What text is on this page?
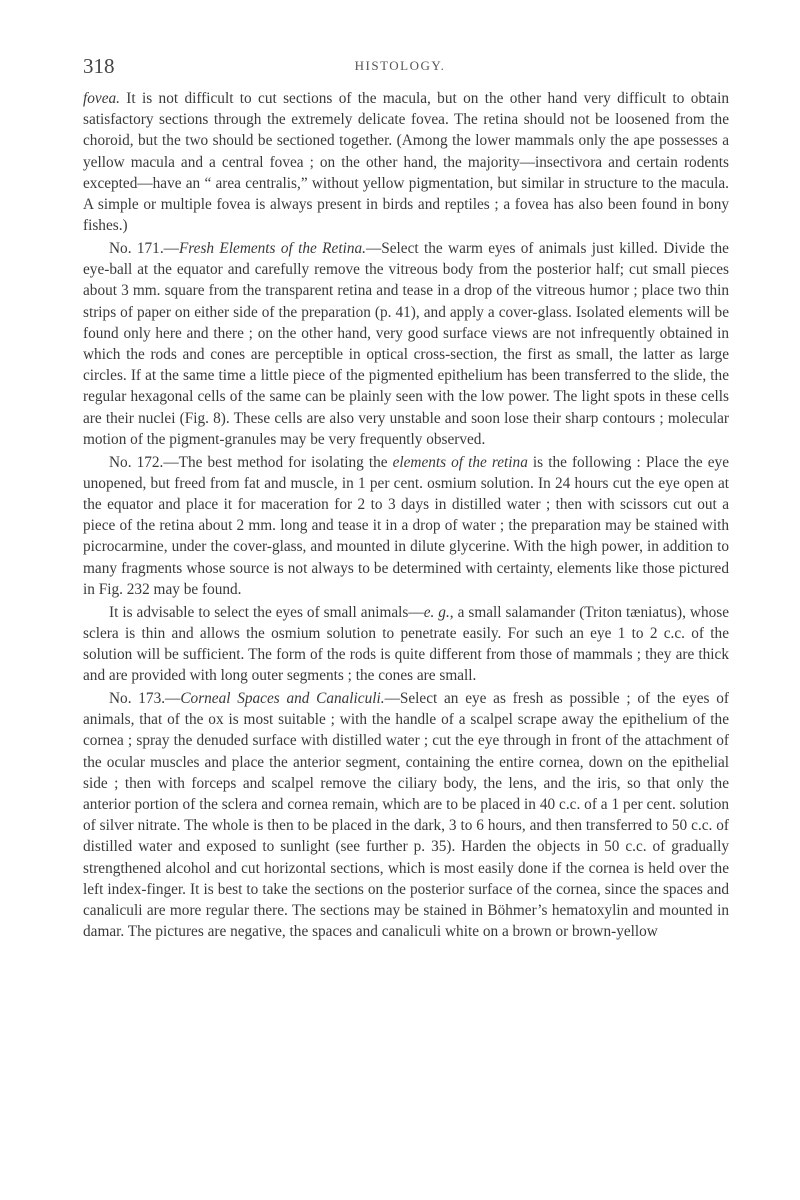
318	HISTOLOGY.

fovea. It is not difficult to cut sections of the macula, but on the other hand very difficult to obtain satisfactory sections through the extremely delicate fovea. The retina should not be loosened from the choroid, but the two should be sectioned together. (Among the lower mammals only the ape possesses a yellow macula and a central fovea ; on the other hand, the majority—insectivora and certain rodents excepted—have an “ area centralis,” without yellow pigmentation, but similar in structure to the macula. A simple or multiple fovea is always present in birds and reptiles ; a fovea has also been found in bony fishes.)

No. 171.—Fresh Elements of the Retina.—Select the warm eyes of animals just killed. Divide the eye-ball at the equator and carefully remove the vitreous body from the posterior half; cut small pieces about 3 mm. square from the transparent retina and tease in a drop of the vitreous humor ; place two thin strips of paper on either side of the preparation (p. 41), and apply a cover-glass. Isolated elements will be found only here and there ; on the other hand, very good surface views are not infrequently obtained in which the rods and cones are perceptible in optical cross-section, the first as small, the latter as large circles. If at the same time a little piece of the pigmented epithelium has been transferred to the slide, the regular hexagonal cells of the same can be plainly seen with the low power. The light spots in these cells are their nuclei (Fig. 8). These cells are also very unstable and soon lose their sharp contours ; molecular motion of the pigment-granules may be very frequently observed.

No. 172.—The best method for isolating the elements of the retina is the following : Place the eye unopened, but freed from fat and muscle, in 1 per cent. osmium solution. In 24 hours cut the eye open at the equator and place it for maceration for 2 to 3 days in distilled water ; then with scissors cut out a piece of the retina about 2 mm. long and tease it in a drop of water ; the preparation may be stained with picrocarmine, under the cover-glass, and mounted in dilute glycerine. With the high power, in addition to many fragments whose source is not always to be determined with certainty, elements like those pictured in Fig. 232 may be found.

It is advisable to select the eyes of small animals—e. g., a small salamander (Triton tæniatus), whose sclera is thin and allows the osmium solution to penetrate easily. For such an eye 1 to 2 c.c. of the solution will be sufficient. The form of the rods is quite different from those of mammals ; they are thick and are provided with long outer segments ; the cones are small.

No. 173.—Corneal Spaces and Canaliculi.—Select an eye as fresh as possible ; of the eyes of animals, that of the ox is most suitable ; with the handle of a scalpel scrape away the epithelium of the cornea ; spray the denuded surface with distilled water ; cut the eye through in front of the attachment of the ocular muscles and place the anterior segment, containing the entire cornea, down on the epithelial side ; then with forceps and scalpel remove the ciliary body, the lens, and the iris, so that only the anterior portion of the sclera and cornea remain, which are to be placed in 40 c.c. of a 1 per cent. solution of silver nitrate. The whole is then to be placed in the dark, 3 to 6 hours, and then transferred to 50 c.c. of distilled water and exposed to sunlight (see further p. 35). Harden the objects in 50 c.c. of gradually strengthened alcohol and cut horizontal sections, which is most easily done if the cornea is held over the left index-finger. It is best to take the sections on the posterior surface of the cornea, since the spaces and canaliculi are more regular there. The sections may be stained in Böhmer’s hematoxylin and mounted in damar. The pictures are negative, the spaces and canaliculi white on a brown or brown-yellow
